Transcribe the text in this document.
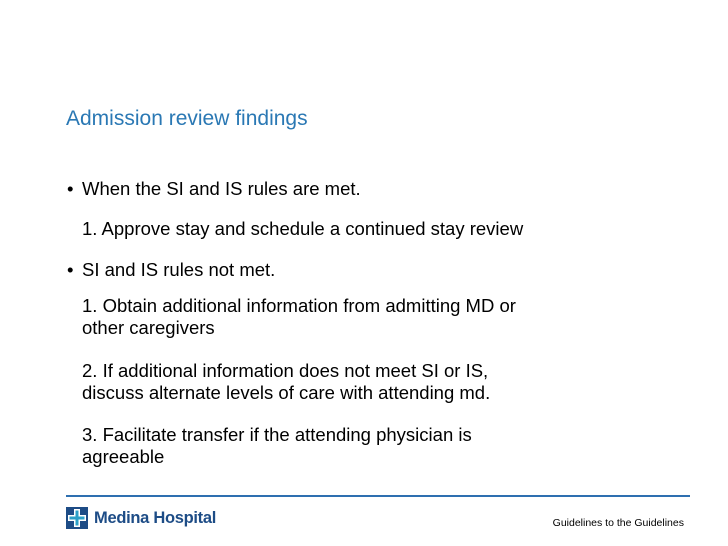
Admission review findings
• When the SI and IS rules are met.
1. Approve stay and schedule a continued stay review
• SI and IS rules not met.
1. Obtain additional information from admitting MD or
other caregivers
2. If additional information does not meet SI or IS,
discuss alternate levels of care with attending md.
3. Facilitate transfer if the attending physician is
agreeable
Medina Hospital	Guidelines to the Guidelines
